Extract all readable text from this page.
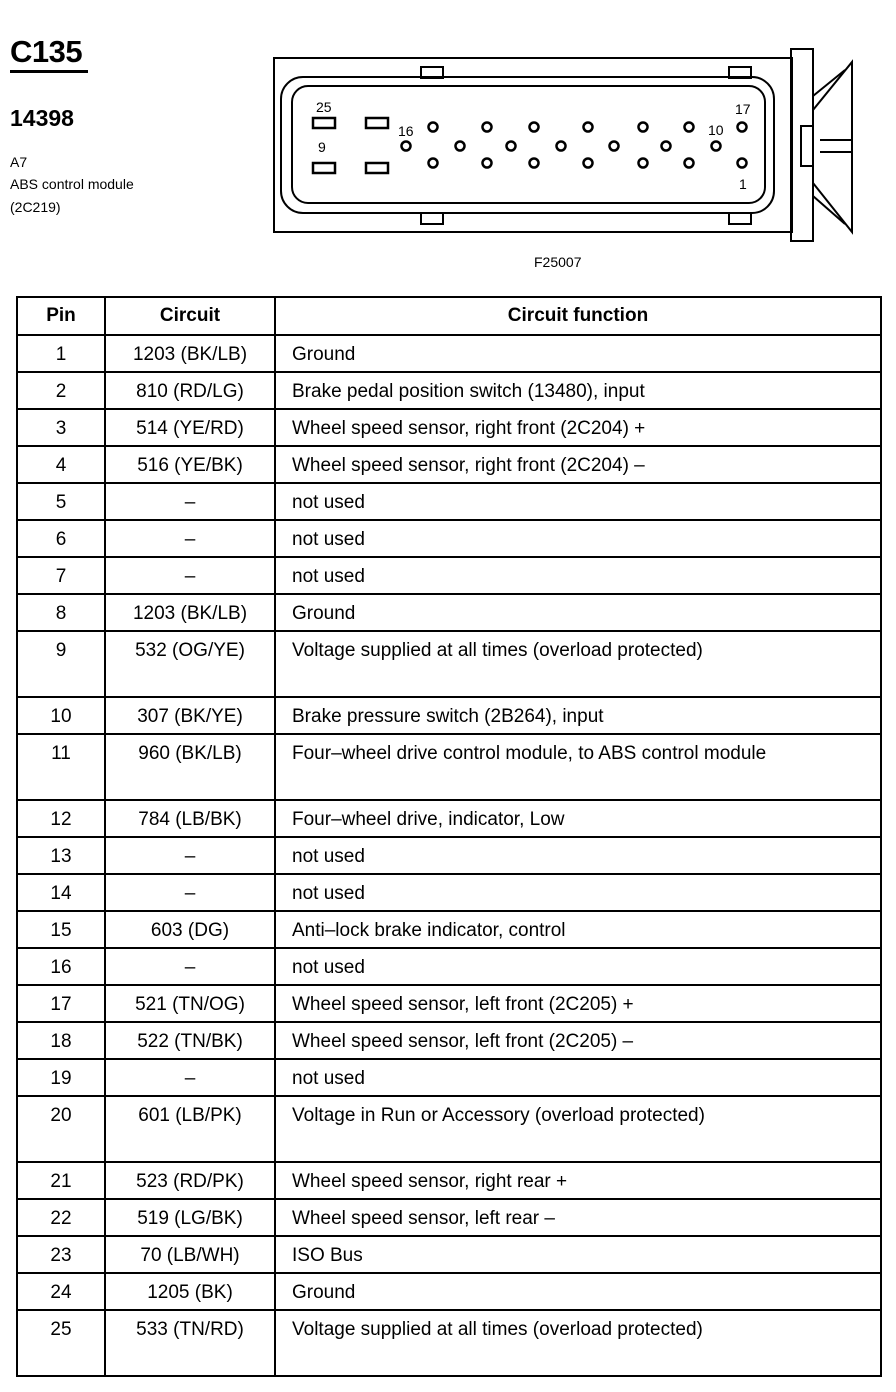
C135
14398
A7
ABS control module
(2C219)
25
9
16
17
10
1
F25007
Pin	Circuit	Circuit function
1	1203 (BK/LB)	Ground
2	810 (RD/LG)	Brake pedal position switch (13480), input
3	514 (YE/RD)	Wheel speed sensor, right front (2C204) +
4	516 (YE/BK)	Wheel speed sensor, right front (2C204) –
5	–	not used
6	–	not used
7	–	not used
8	1203 (BK/LB)	Ground
9	532 (OG/YE)	Voltage supplied at all times (overload protected)
10	307 (BK/YE)	Brake pressure switch (2B264), input
11	960 (BK/LB)	Four–wheel drive control module, to ABS control module
12	784 (LB/BK)	Four–wheel drive, indicator, Low
13	–	not used
14	–	not used
15	603 (DG)	Anti–lock brake indicator, control
16	–	not used
17	521 (TN/OG)	Wheel speed sensor, left front (2C205) +
18	522 (TN/BK)	Wheel speed sensor, left front (2C205) –
19	–	not used
20	601 (LB/PK)	Voltage in Run or Accessory (overload protected)
21	523 (RD/PK)	Wheel speed sensor, right rear +
22	519 (LG/BK)	Wheel speed sensor, left rear –
23	70 (LB/WH)	ISO Bus
24	1205 (BK)	Ground
25	533 (TN/RD)	Voltage supplied at all times (overload protected)
